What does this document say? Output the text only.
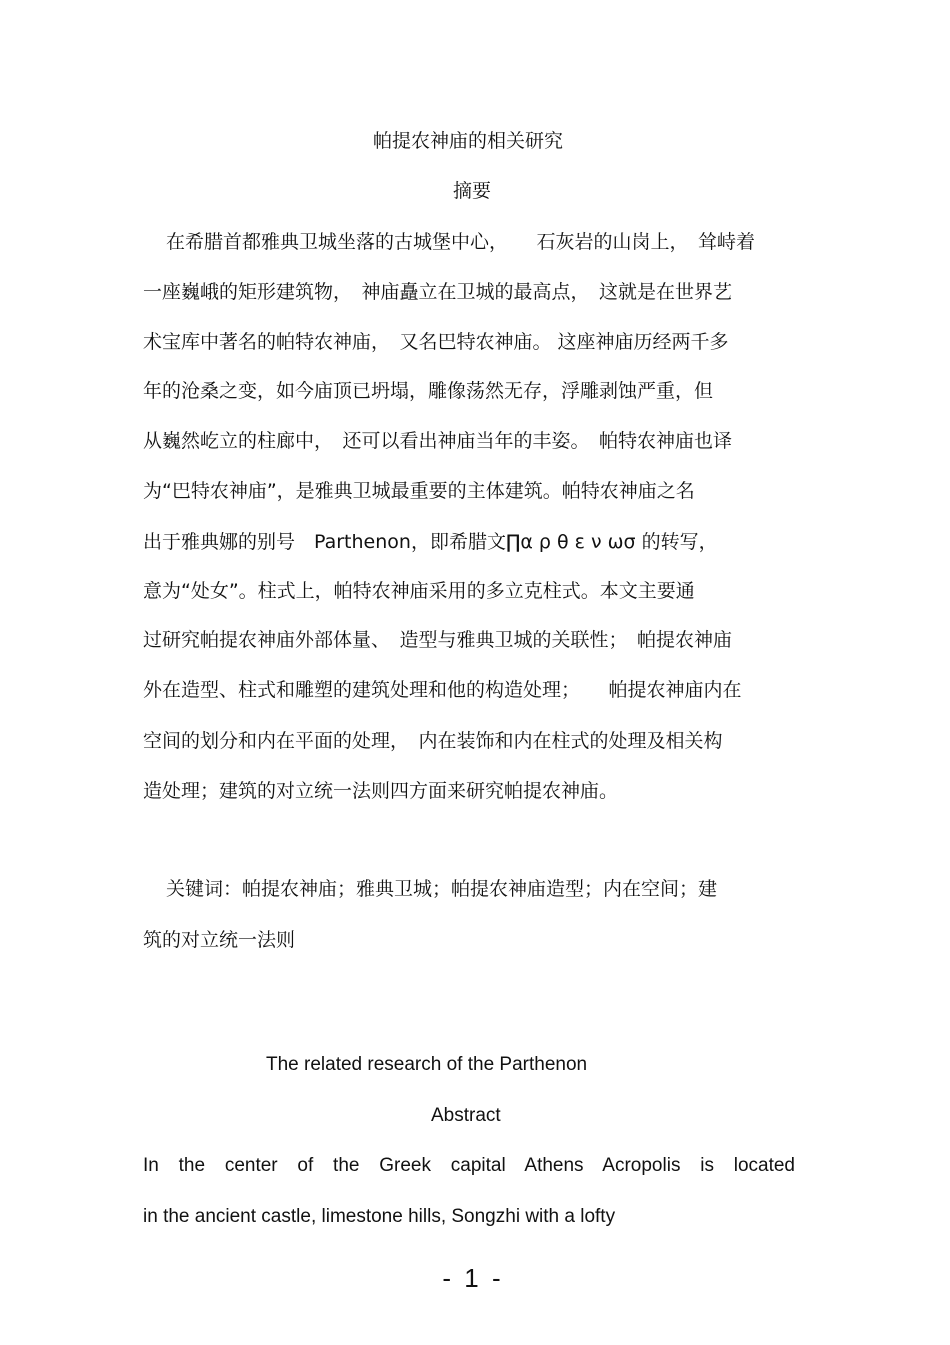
帕提农神庙的相关研究
摘要
在希腊首都雅典卫城坐落的古城堡中心，　　石灰岩的山岗上，　耸峙着
一座巍峨的矩形建筑物，　神庙矗立在卫城的最高点，　这就是在世界艺
术宝库中著名的帕特农神庙，　又名巴特农神庙。 这座神庙历经两千多
年的沧桑之变，如今庙顶已坍塌，雕像荡然无存，浮雕剥蚀严重，但
从巍然屹立的柱廊中，　还可以看出神庙当年的丰姿。　帕特农神庙也译
为“巴特农神庙”，是雅典卫城最重要的主体建筑。帕特农神庙之名
出于雅典娜的别号　Parthenon，即希腊文∏α ρ θ ε ν ωσ 的转写，
意为“处女”。柱式上，帕特农神庙采用的多立克柱式。本文主要通
过研究帕提农神庙外部体量、　造型与雅典卫城的关联性；　帕提农神庙
外在造型、柱式和雕塑的建筑处理和他的构造处理；　　帕提农神庙内在
空间的划分和内在平面的处理，　内在装饰和内在柱式的处理及相关构
造处理；建筑的对立统一法则四方面来研究帕提农神庙。
关键词：帕提农神庙；雅典卫城；帕提农神庙造型；内在空间；建
筑的对立统一法则
The related research of the Parthenon
Abstract
In the center of the Greek capital Athens Acropolis is located
in the ancient castle, limestone hills, Songzhi with a lofty
- 1 -
